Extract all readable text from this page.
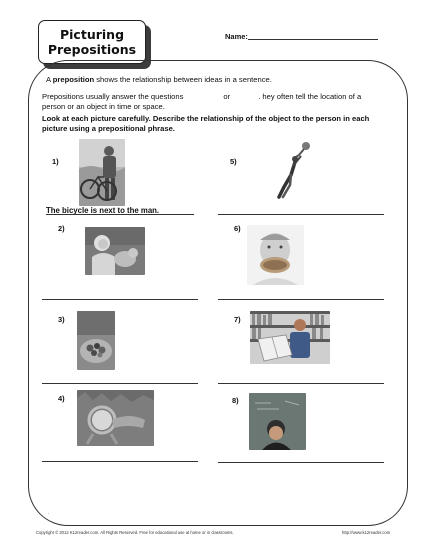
Picturing
Prepositions
Name:
A preposition shows the relationship between ideas in a sentence.
Prepositions usually answer the questions	or	. hey often tell the location of a person or an object in time or space.
Look at each picture carefully. Describe the relationship of the object to the person in each picture using a prepositional phrase.
1)
The bicycle is next to the man.
5)
2)	6)
3)	7)
4)	8)
.
Copyright © 2012 K12reader.com. All Rights Reserved. Free for educational use at home or in classrooms.	http://www.k12reader.com
